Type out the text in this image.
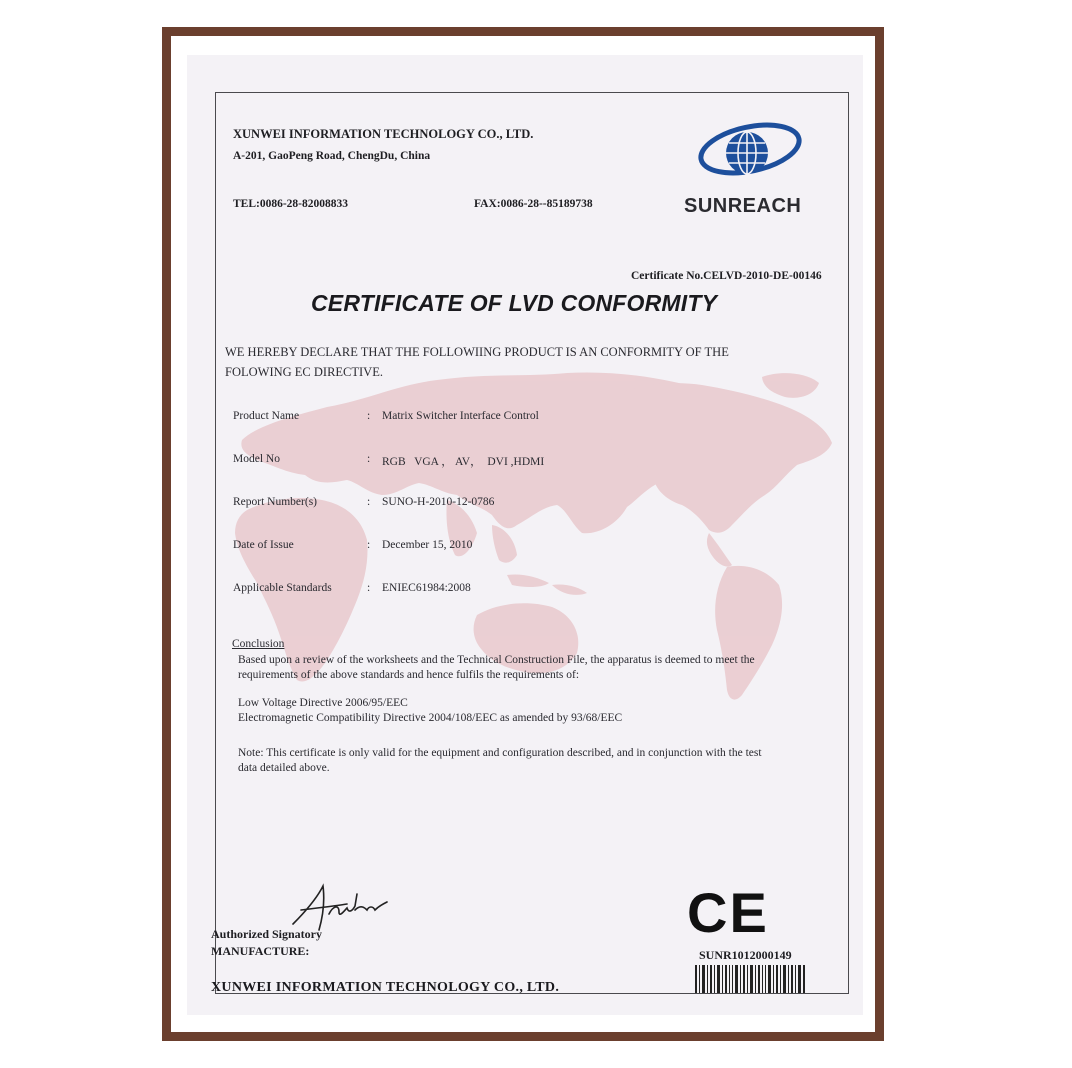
XUNWEI INFORMATION TECHNOLOGY CO., LTD.
A-201, GaoPeng Road, ChengDu, China
TEL:0086-28-82008833	FAX:0086-28--85189738	SUNREACH
Certificate No.CELVD-2010-DE-00146
CERTIFICATE OF LVD CONFORMITY
WE HEREBY DECLARE THAT THE FOLLOWIING PRODUCT IS AN CONFORMITY OF THE
FOLOWING EC DIRECTIVE.
Product Name	: Matrix Switcher Interface Control
Model No	: RGB   VGA ， AV，  DVI ,HDMI
Report Number(s)	: SUNO-H-2010-12-0786
Date of Issue	: December 15, 2010
Applicable Standards	: ENIEC61984:2008
Conclusion
Based upon a review of the worksheets and the Technical Construction File, the apparatus is deemed to meet the
requirements of the above standards and hence fulfils the requirements of:
Low Voltage Directive 2006/95/EEC
Electromagnetic Compatibility Directive 2004/108/EEC as amended by 93/68/EEC
Note: This certificate is only valid for the equipment and configuration described, and in conjunction with the test
data detailed above.
Authorized Signatory
MANUFACTURE:
CE
SUNR1012000149
XUNWEI INFORMATION TECHNOLOGY CO., LTD.
